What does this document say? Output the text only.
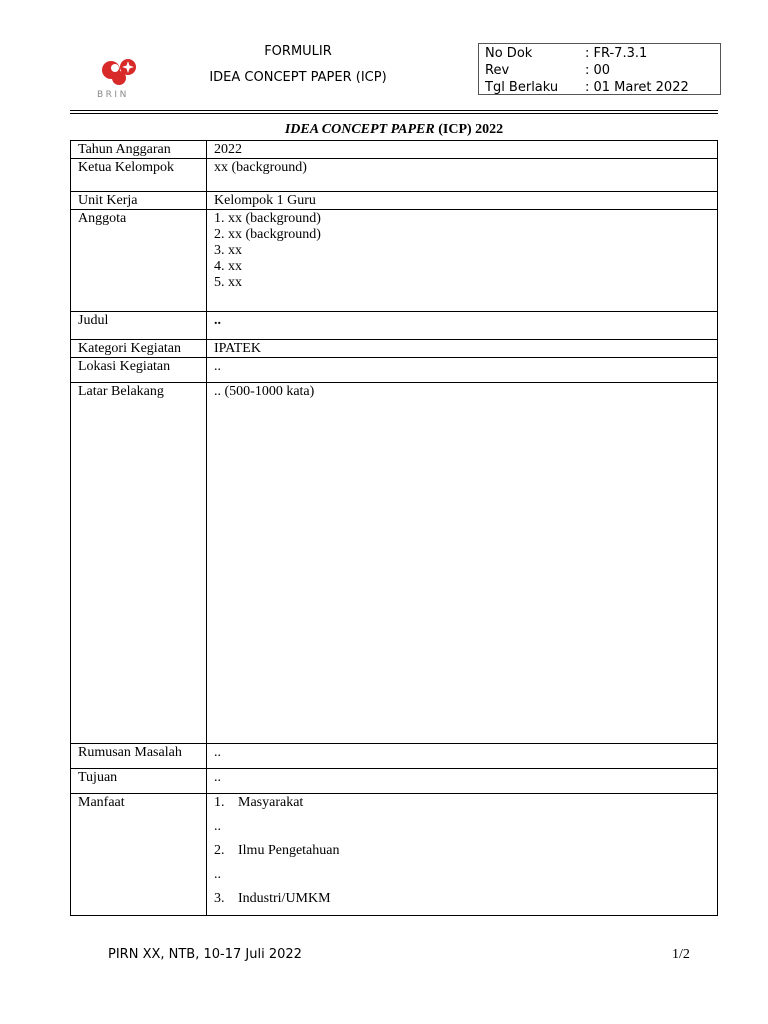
BRIN
FORMULIR
IDEA CONCEPT PAPER (ICP)
No Dok	: FR-7.3.1
Rev	: 00
Tgl Berlaku : 01 Maret 2022
IDEA CONCEPT PAPER (ICP) 2022
Tahun Anggaran	2022
Ketua Kelompok	xx (background)
Unit Kerja	Kelompok 1 Guru
Anggota	1. xx (background)
2. xx (background)
3. xx
4. xx
5. xx

Judul	..
Kategori Kegiatan	IPATEK
Lokasi Kegiatan	..
Latar Belakang	.. (500-1000 kata)
Rumusan Masalah	..
Tujuan	..
Manfaat	1. Masyarakat
..
2. Ilmu Pengetahuan
..
3. Industri/UMKM
PIRN XX, NTB, 10-17 Juli 2022	1/2
